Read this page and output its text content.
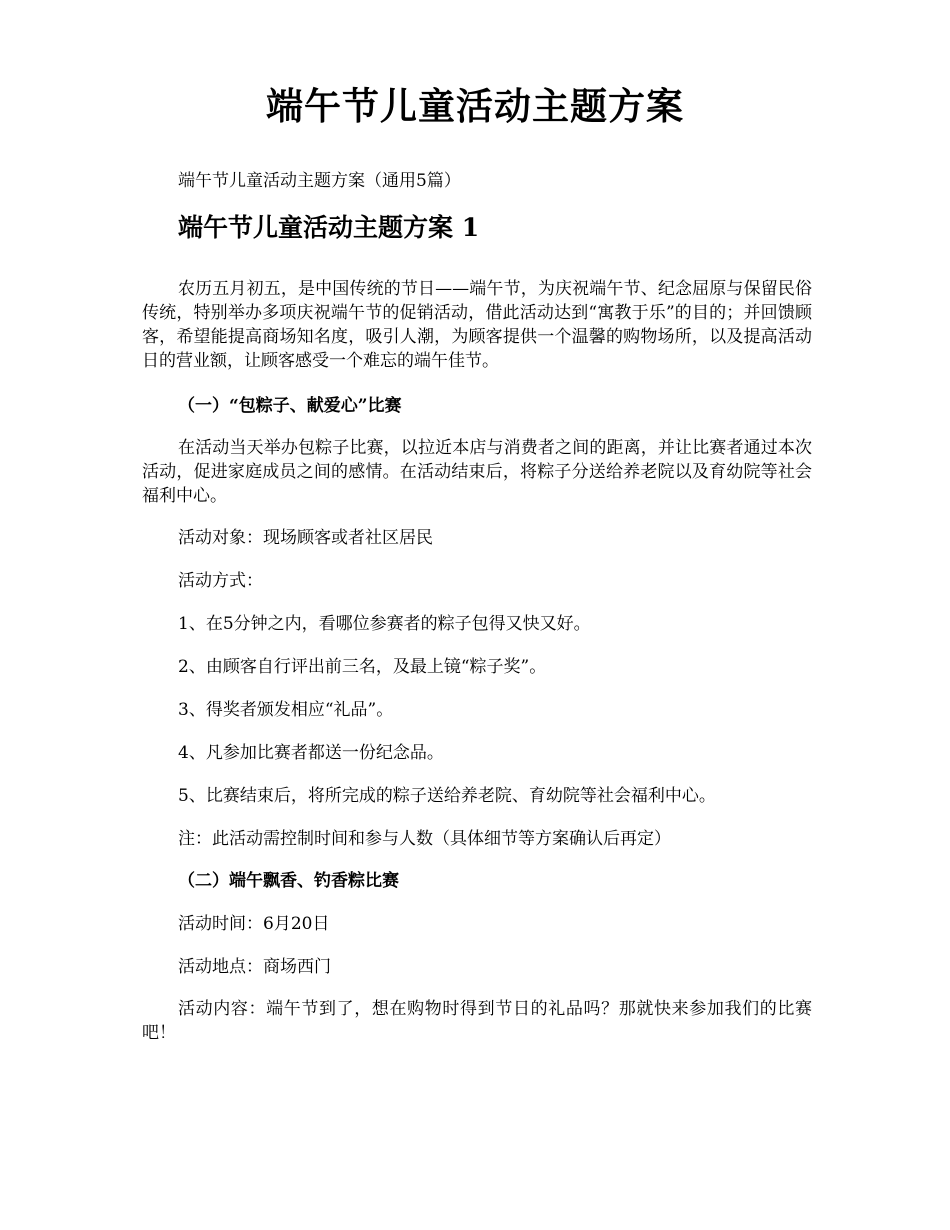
端午节儿童活动主题方案
端午节儿童活动主题方案（通用5篇）
端午节儿童活动主题方案 1

农历五月初五，是中国传统的节日——端午节，为庆祝端午节、纪念屈原与保留民俗传统，特别举办多项庆祝端午节的促销活动，借此活动达到“寓教于乐”的目的；并回馈顾客，希望能提高商场知名度，吸引人潮，为顾客提供一个温馨的购物场所，以及提高活动日的营业额，让顾客感受一个难忘的端午佳节。

（一）“包粽子、献爱心”比赛

在活动当天举办包粽子比赛，以拉近本店与消费者之间的距离，并让比赛者通过本次活动，促进家庭成员之间的感情。在活动结束后，将粽子分送给养老院以及育幼院等社会福利中心。

活动对象：现场顾客或者社区居民
活动方式：
1、在5分钟之内，看哪位参赛者的粽子包得又快又好。
2、由顾客自行评出前三名，及最上镜“粽子奖”。
3、得奖者颁发相应“礼品”。
4、凡参加比赛者都送一份纪念品。
5、比赛结束后，将所完成的粽子送给养老院、育幼院等社会福利中心。
注：此活动需控制时间和参与人数（具体细节等方案确认后再定）
（二）端午飘香、钓香粽比赛
活动时间：6月20日
活动地点：商场西门

活动内容：端午节到了，想在购物时得到节日的礼品吗？那就快来参加我们的比赛吧！
